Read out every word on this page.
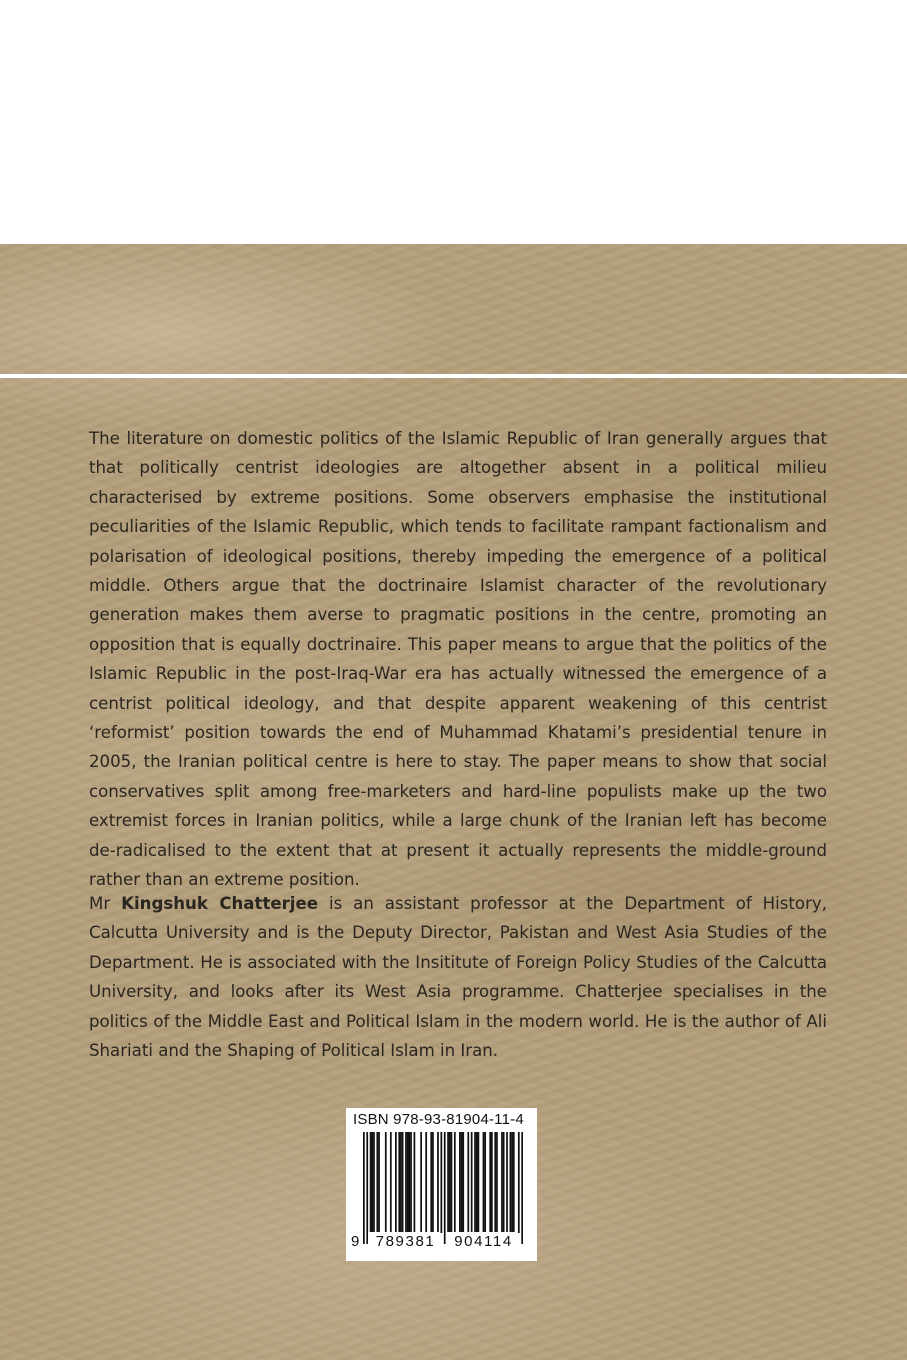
The literature on domestic politics of the Islamic Republic of Iran generally argues that that politically centrist ideologies are altogether absent in a political milieu characterised by extreme positions. Some observers emphasise the institutional peculiarities of the Islamic Republic, which tends to facilitate rampant factionalism and polarisation of ideological positions, thereby impeding the emergence of a political middle. Others argue that the doctrinaire Islamist character of the revolutionary generation makes them averse to pragmatic positions in the centre, promoting an opposition that is equally doctrinaire. This paper means to argue that the politics of the Islamic Republic in the post-Iraq-War era has actually witnessed the emergence of a centrist political ideology, and that despite apparent weakening of this centrist ‘reformist’ position towards the end of Muhammad Khatami’s presidential tenure in 2005, the Iranian political centre is here to stay. The paper means to show that social conservatives split among free-marketers and hard-line populists make up the two extremist forces in Iranian politics, while a large chunk of the Iranian left has become de-radicalised to the extent that at present it actually represents the middle-ground rather than an extreme position.

Mr Kingshuk Chatterjee is an assistant professor at the Department of History, Calcutta University and is the Deputy Director, Pakistan and West Asia Studies of the Department. He is associated with the Insititute of Foreign Policy Studies of the Calcutta University, and looks after its West Asia programme. Chatterjee specialises in the politics of the Middle East and Political Islam in the modern world. He is the author of Ali Shariati and the Shaping of Political Islam in Iran.

ISBN 978-93-81904-11-4
9	789381	904114
